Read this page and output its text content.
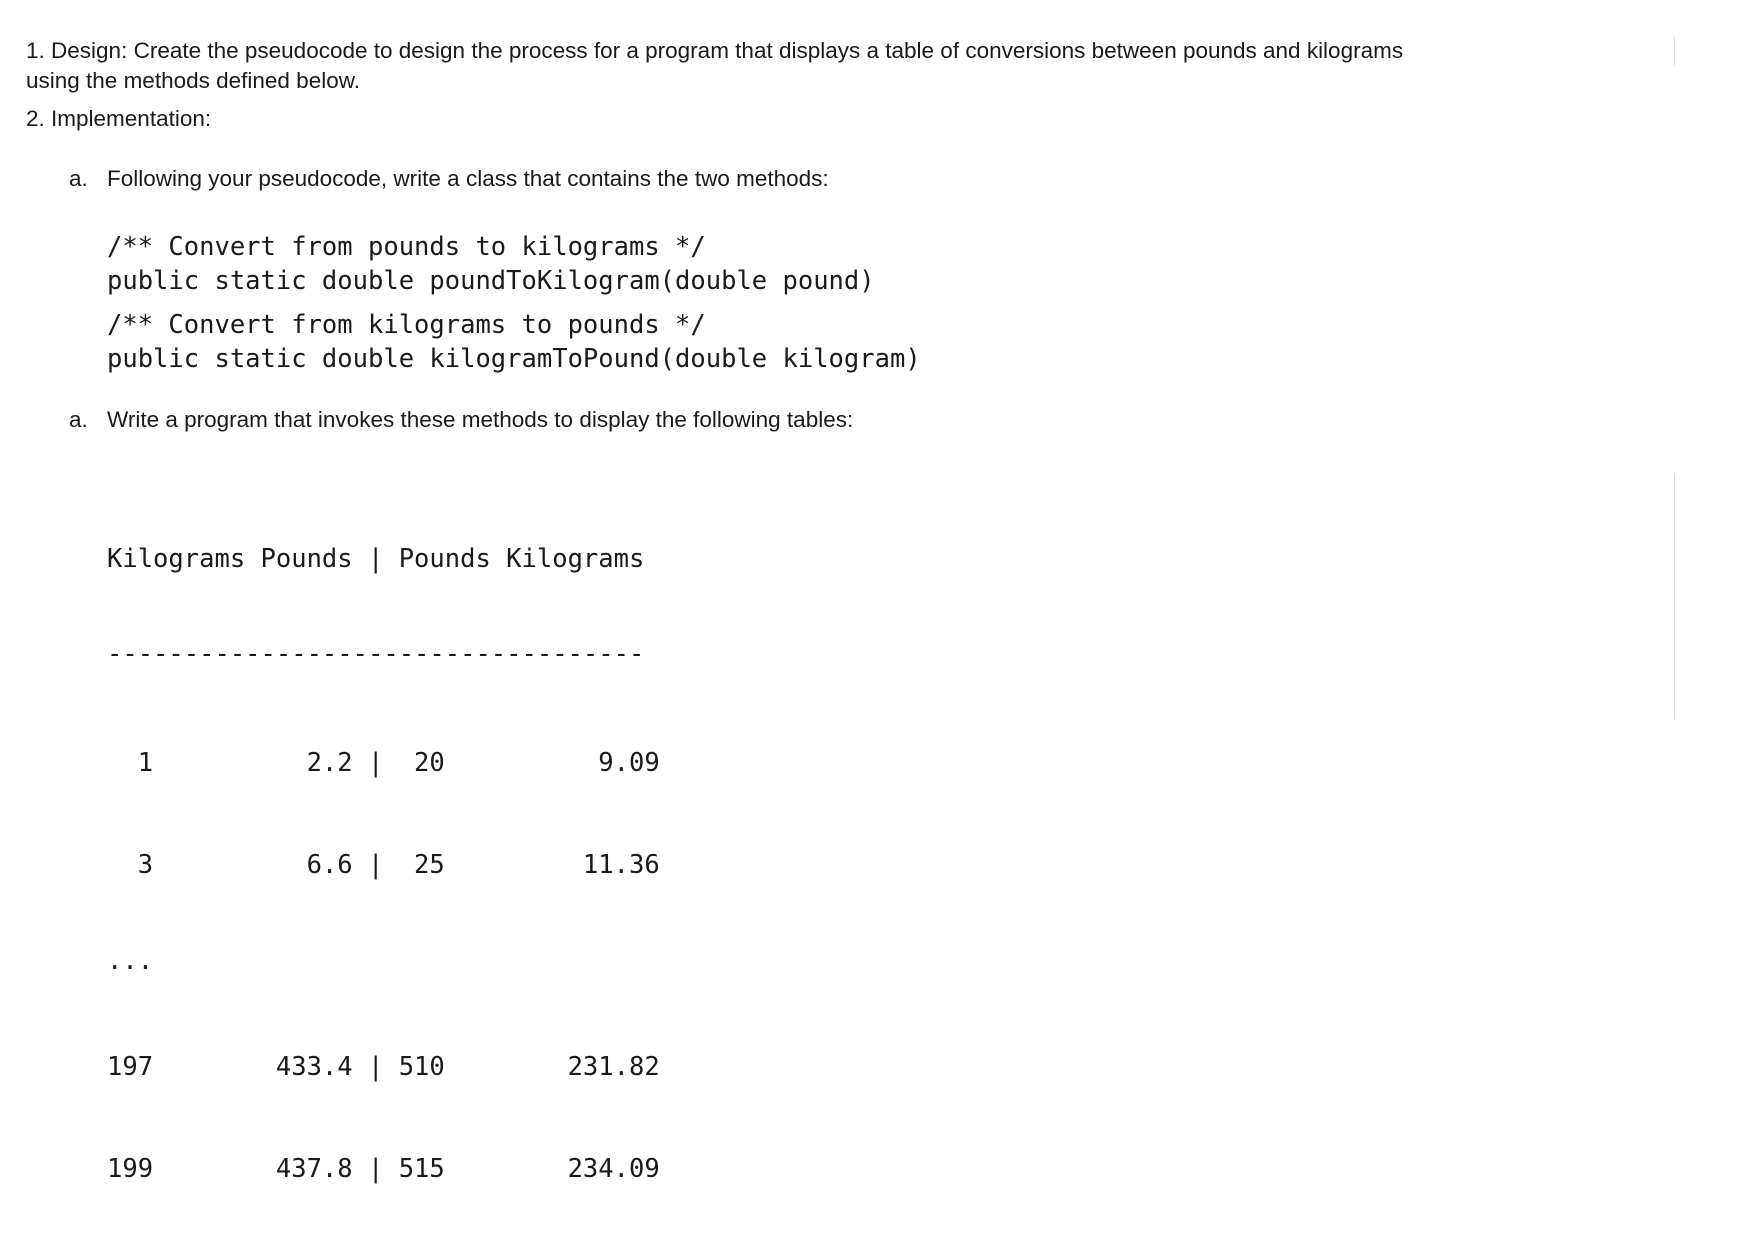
1. Design: Create the pseudocode to design the process for a program that displays a table of conversions between pounds and kilograms
using the methods defined below.
2. Implementation:
a. Following your pseudocode, write a class that contains the two methods:
/** Convert from pounds to kilograms */
public static double poundToKilogram(double pound)
/** Convert from kilograms to pounds */
public static double kilogramToPound(double kilogram)
a. Write a program that invokes these methods to display the following tables:

Kilograms Pounds | Pounds Kilograms

-----------------------------------

1          2.2 |  20          9.09

3          6.6 |  25         11.36

...

197        433.4 | 510        231.82

199        437.8 | 515        234.09
